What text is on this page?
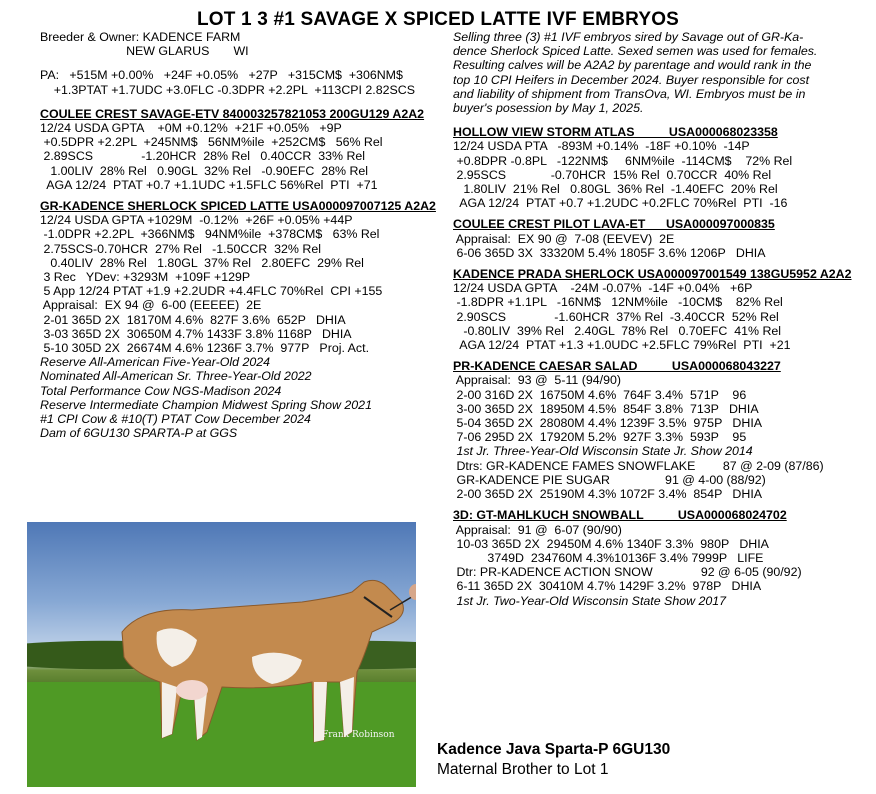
LOT 1 3 #1 SAVAGE X SPICED LATTE IVF EMBRYOS
Breeder & Owner: KADENCE FARM
NEW GLARUS       WI
PA:   +515M +0.00%   +24F +0.05%   +27P   +315CM$  +306NM$
+1.3PTAT +1.7UDC +3.0FLC -0.3DPR +2.2PL  +113CPI 2.82SCS
COULEE CREST SAVAGE-ETV 840003257821053 200GU129 A2A2
12/24 USDA GPTA    +0M +0.12%  +21F +0.05%   +9P
+0.5DPR +2.2PL  +245NM$   56NM%ile  +252CM$   56% Rel
2.89SCS              -1.20HCR  28% Rel   0.40CCR  33% Rel
1.00LIV  28% Rel   0.90GL  32% Rel   -0.90EFC  28% Rel
AGA 12/24  PTAT +0.7 +1.1UDC +1.5FLC 56%Rel  PTI  +71
GR-KADENCE SHERLOCK SPICED LATTE USA000097007125 A2A2
12/24 USDA GPTA +1029M  -0.12%  +26F +0.05% +44P
-1.0DPR +2.2PL  +366NM$   94NM%ile  +378CM$   63% Rel
2.75SCS-0.70HCR  27% Rel   -1.50CCR  32% Rel
0.40LIV  28% Rel   1.80GL  37% Rel   2.80EFC  29% Rel
3 Rec   YDev: +3293M  +109F +129P
5 App 12/24 PTAT +1.9 +2.2UDR +4.4FLC 70%Rel  CPI +155
Appraisal:  EX 94 @  6-00 (EEEEE)  2E
2-01 365D 2X  18170M 4.6%  827F 3.6%  652P   DHIA
3-03 365D 2X  30650M 4.7% 1433F 3.8% 1168P   DHIA
5-10 305D 2X  26674M 4.6% 1236F 3.7%  977P   Proj. Act.
Reserve All-American Five-Year-Old 2024
Nominated All-American Sr. Three-Year-Old 2022
Total Performance Cow NGS-Madison 2024
Reserve Intermediate Champion Midwest Spring Show 2021
#1 CPI Cow & #10(T) PTAT Cow December 2024
Dam of 6GU130 SPARTA-P at GGS
Selling three (3) #1 IVF embryos sired by Savage out of GR-Ka-
dence Sherlock Spiced Latte. Sexed semen was used for females.
Resulting calves will be A2A2 by parentage and would rank in the
top 10 CPI Heifers in December 2024. Buyer responsible for cost
and liability of shipment from TransOva, WI. Embryos must be in
buyer's posession by May 1, 2025.
HOLLOW VIEW STORM ATLAS          USA000068023358
12/24 USDA PTA   -893M +0.14%  -18F +0.10%  -14P
+0.8DPR -0.8PL   -122NM$     6NM%ile  -114CM$    72% Rel
2.95SCS             -0.70HCR  15% Rel  0.70CCR  40% Rel
1.80LIV  21% Rel   0.80GL  36% Rel  -1.40EFC  20% Rel
AGA 12/24  PTAT +0.7 +1.2UDC +0.2FLC 70%Rel  PTI  -16
COULEE CREST PILOT LAVA-ET      USA000097000835
Appraisal:  EX 90 @  7-08 (EEVEV)  2E
6-06 365D 3X  33320M 5.4% 1805F 3.6% 1206P   DHIA
KADENCE PRADA SHERLOCK USA000097001549 138GU5952 A2A2
12/24 USDA GPTA    -24M -0.07%  -14F +0.04%   +6P
-1.8DPR +1.1PL   -16NM$   12NM%ile   -10CM$    82% Rel
2.90SCS              -1.60HCR  37% Rel  -3.40CCR  52% Rel
-0.80LIV  39% Rel   2.40GL  78% Rel   0.70EFC  41% Rel
AGA 12/24  PTAT +1.3 +1.0UDC +2.5FLC 79%Rel  PTI  +21
PR-KADENCE CAESAR SALAD          USA000068043227
Appraisal:  93 @  5-11 (94/90)
2-00 316D 2X  16750M 4.6%  764F 3.4%  571P    96
3-00 365D 2X  18950M 4.5%  854F 3.8%  713P   DHIA
5-04 365D 2X  28080M 4.4% 1239F 3.5%  975P   DHIA
7-06 295D 2X  17920M 5.2%  927F 3.3%  593P    95
1st Jr. Three-Year-Old Wisconsin State Jr. Show 2014
Dtrs: GR-KADENCE FAMES SNOWFLAKE        87 @ 2-09 (87/86)
GR-KADENCE PIE SUGAR                91 @ 4-00 (88/92)
2-00 365D 2X  25190M 4.3% 1072F 3.4%  854P   DHIA
3D: GT-MAHLKUCH SNOWBALL          USA000068024702
Appraisal:  91 @  6-07 (90/90)
10-03 365D 2X  29450M 4.6% 1340F 3.3%  980P   DHIA
3749D  234760M 4.3%10136F 3.4% 7999P   LIFE
Dtr: PR-KADENCE ACTION SNOW              92 @ 6-05 (90/92)
6-11 365D 2X  30410M 4.7% 1429F 3.2%  978P   DHIA
1st Jr. Two-Year-Old Wisconsin State Show 2017
Frank Robinson
Kadence Java Sparta-P 6GU130
Maternal Brother to Lot 1
